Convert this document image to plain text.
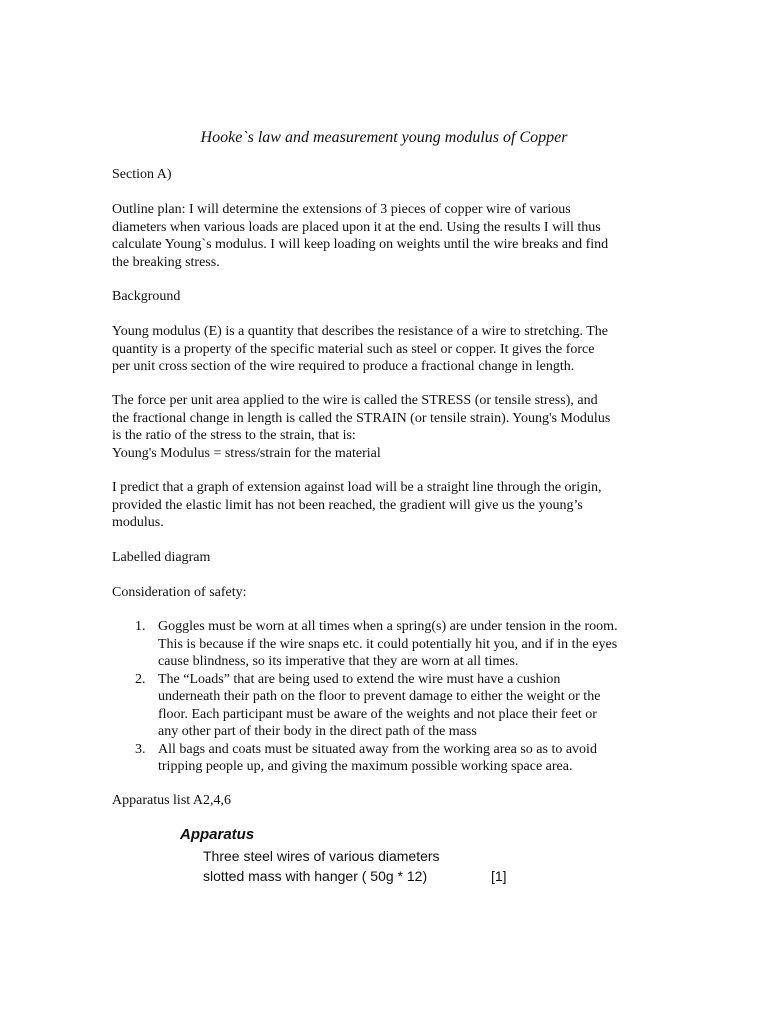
Hooke`s law and measurement young modulus of Copper
Section A)
Outline plan: I will determine the extensions of 3 pieces of copper wire of various
diameters when various loads are placed upon it at the end. Using the results I will thus
calculate Young`s modulus. I will keep loading on weights until the wire breaks and find
the breaking stress.
Background
Young modulus (E) is a quantity that describes the resistance of a wire to stretching. The
quantity is a property of the specific material such as steel or copper. It gives the force
per unit cross section of the wire required to produce a fractional change in length.
The force per unit area applied to the wire is called the STRESS (or tensile stress), and
the fractional change in length is called the STRAIN (or tensile strain). Young's Modulus
is the ratio of the stress to the strain, that is:
Young's Modulus = stress/strain for the material
I predict that a graph of extension against load will be a straight line through the origin,
provided the elastic limit has not been reached, the gradient will give us the young’s
modulus.
Labelled diagram
Consideration of safety:
1. Goggles must be worn at all times when a spring(s) are under tension in the room.
This is because if the wire snaps etc. it could potentially hit you, and if in the eyes
cause blindness, so its imperative that they are worn at all times.
2. The “Loads” that are being used to extend the wire must have a cushion
underneath their path on the floor to prevent damage to either the weight or the
floor. Each participant must be aware of the weights and not place their feet or
any other part of their body in the direct path of the mass
3. All bags and coats must be situated away from the working area so as to avoid
tripping people up, and giving the maximum possible working space area.
Apparatus list A2,4,6
Apparatus
Three steel wires of various diameters
slotted mass with hanger ( 50g * 12)	[1]
